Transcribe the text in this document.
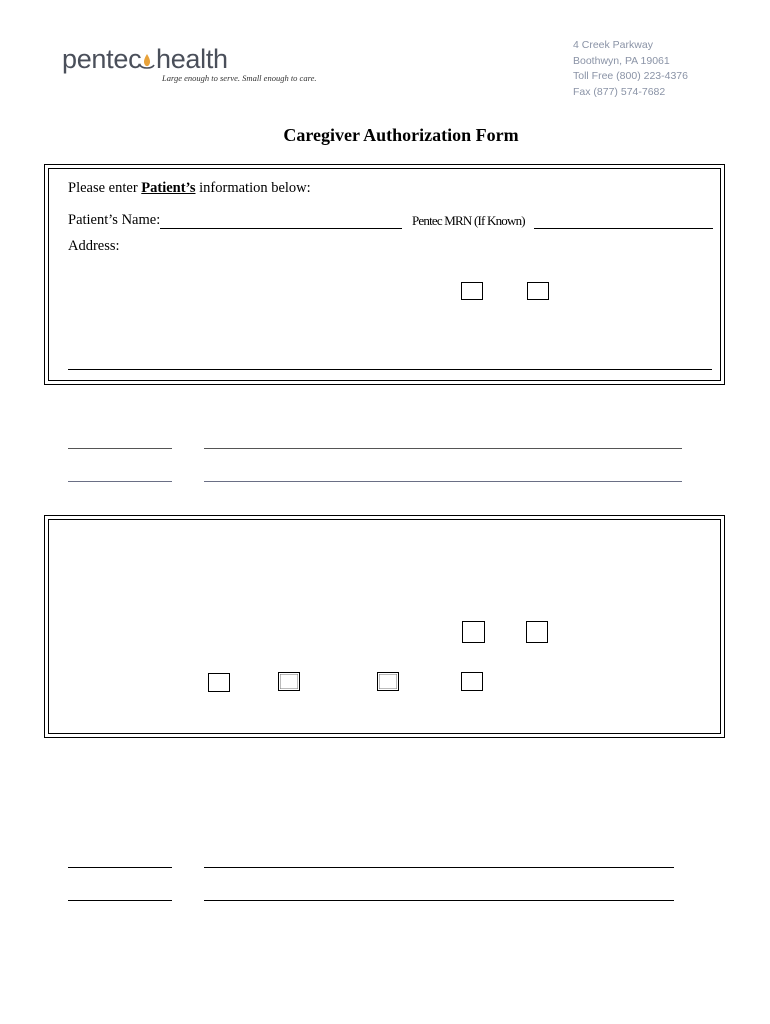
pentec health
Large enough to serve. Small enough to care.
4 Creek Parkway
Boothwyn, PA 19061
Toll Free (800) 223-4376
Fax (877) 574-7682
Caregiver Authorization Form
Please enter Patient’s information below:
Patient’s Name:	Pentec MRN (If Known)
Address:
